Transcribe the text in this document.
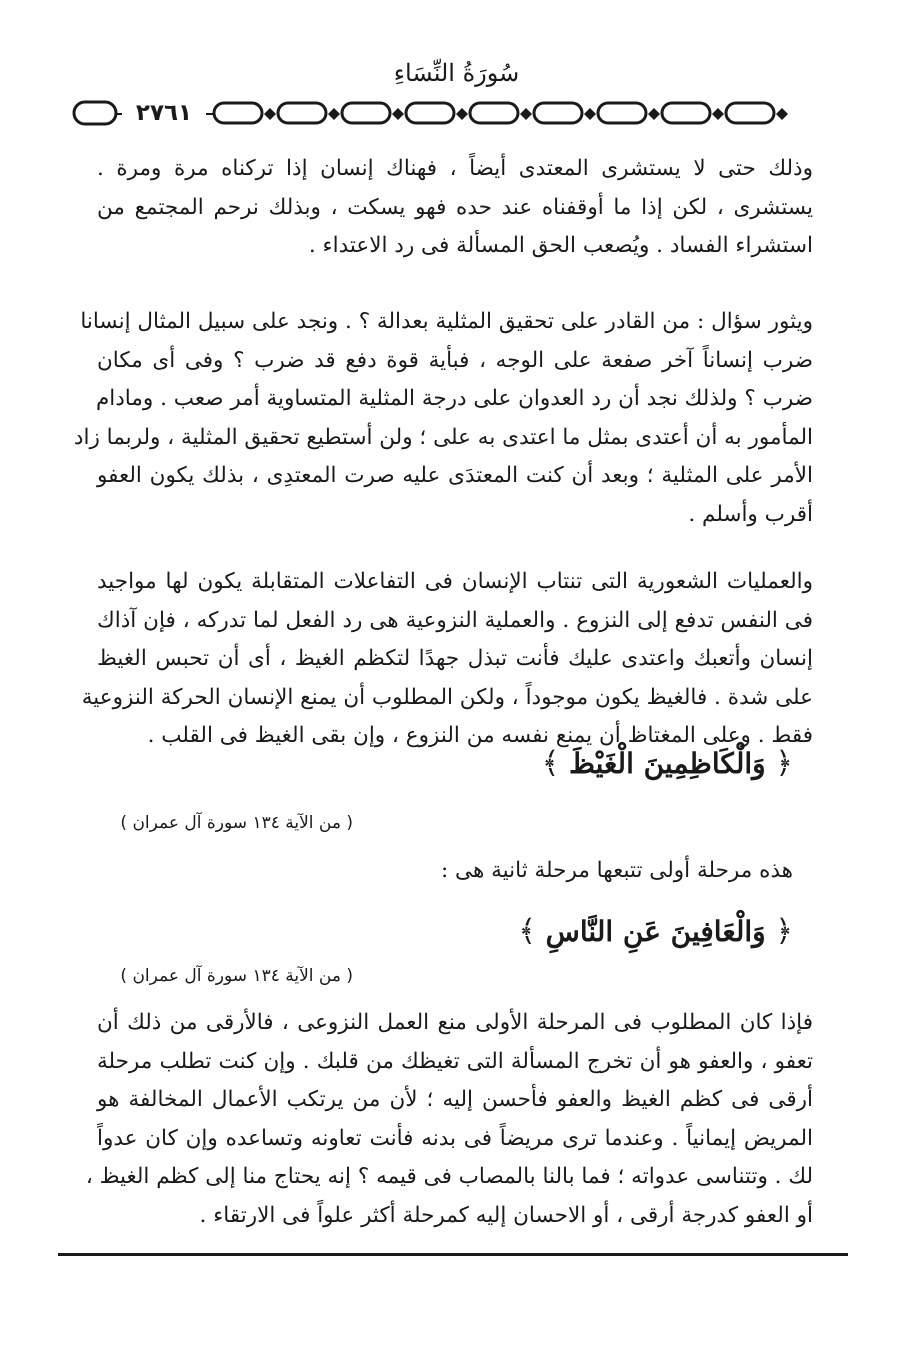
سُورَةُ النِّسَاءِ
٢٧٦١
وذلك حتى لا يستشرى المعتدى أيضاً ، فهناك إنسان إذا تركناه مرة ومرة .
يستشرى ، لكن إذا ما أوقفناه عند حده فهو يسكت ، وبذلك نرحم المجتمع من
استشراء الفساد . ويُصعب الحق المسألة فى رد الاعتداء .
ويثور سؤال : من القادر على تحقيق المثلية بعدالة ؟ . ونجد على سبيل المثال إنسانا
ضرب إنساناً آخر صفعة على الوجه ، فبأية قوة دفع قد ضرب ؟ وفى أى مكان
ضرب ؟ ولذلك نجد أن رد العدوان على درجة المثلية المتساوية أمر صعب . ومادام
المأمور به أن أعتدى بمثل ما اعتدى به على ؛ ولن أستطيع تحقيق المثلية ، ولربما زاد
الأمر على المثلية ؛ وبعد أن كنت المعتدَى عليه صرت المعتدِى ، بذلك يكون العفو
أقرب وأسلم .
والعمليات الشعورية التى تنتاب الإنسان فى التفاعلات المتقابلة يكون لها مواجيد
فى النفس تدفع إلى النزوع . والعملية النزوعية هى رد الفعل لما تدركه ، فإن آذاك
إنسان وأتعبك واعتدى عليك فأنت تبذل جهدًا لتكظم الغيظ ، أى أن تحبس الغيظ
على شدة . فالغيظ يكون موجوداً ، ولكن المطلوب أن يمنع الإنسان الحركة النزوعية
فقط . وعلى المغتاظ أن يمنع نفسه من النزوع ، وإن بقى الغيظ فى القلب .
﴿ وَالْكَاظِمِينَ الْغَيْظَ ﴾
( من الآية ١٣٤ سورة آل عمران )
هذه مرحلة أولى تتبعها مرحلة ثانية هى :
﴿ وَالْعَافِينَ عَنِ النَّاسِ ﴾
( من الآية ١٣٤ سورة آل عمران )
فإذا كان المطلوب فى المرحلة الأولى منع العمل النزوعى ، فالأرقى من ذلك أن
تعفو ، والعفو هو أن تخرج المسألة التى تغيظك من قلبك . وإن كنت تطلب مرحلة
أرقى فى كظم الغيظ والعفو فأحسن إليه ؛ لأن من يرتكب الأعمال المخالفة هو
المريض إيمانياً . وعندما ترى مريضاً فى بدنه فأنت تعاونه وتساعده وإن كان عدواً
لك . وتتناسى عدواته ؛ فما بالنا بالمصاب فى قيمه ؟ إنه يحتاج منا إلى كظم الغيظ ،
أو العفو كدرجة أرقى ، أو الاحسان إليه كمرحلة أكثر علواً فى الارتقاء .
